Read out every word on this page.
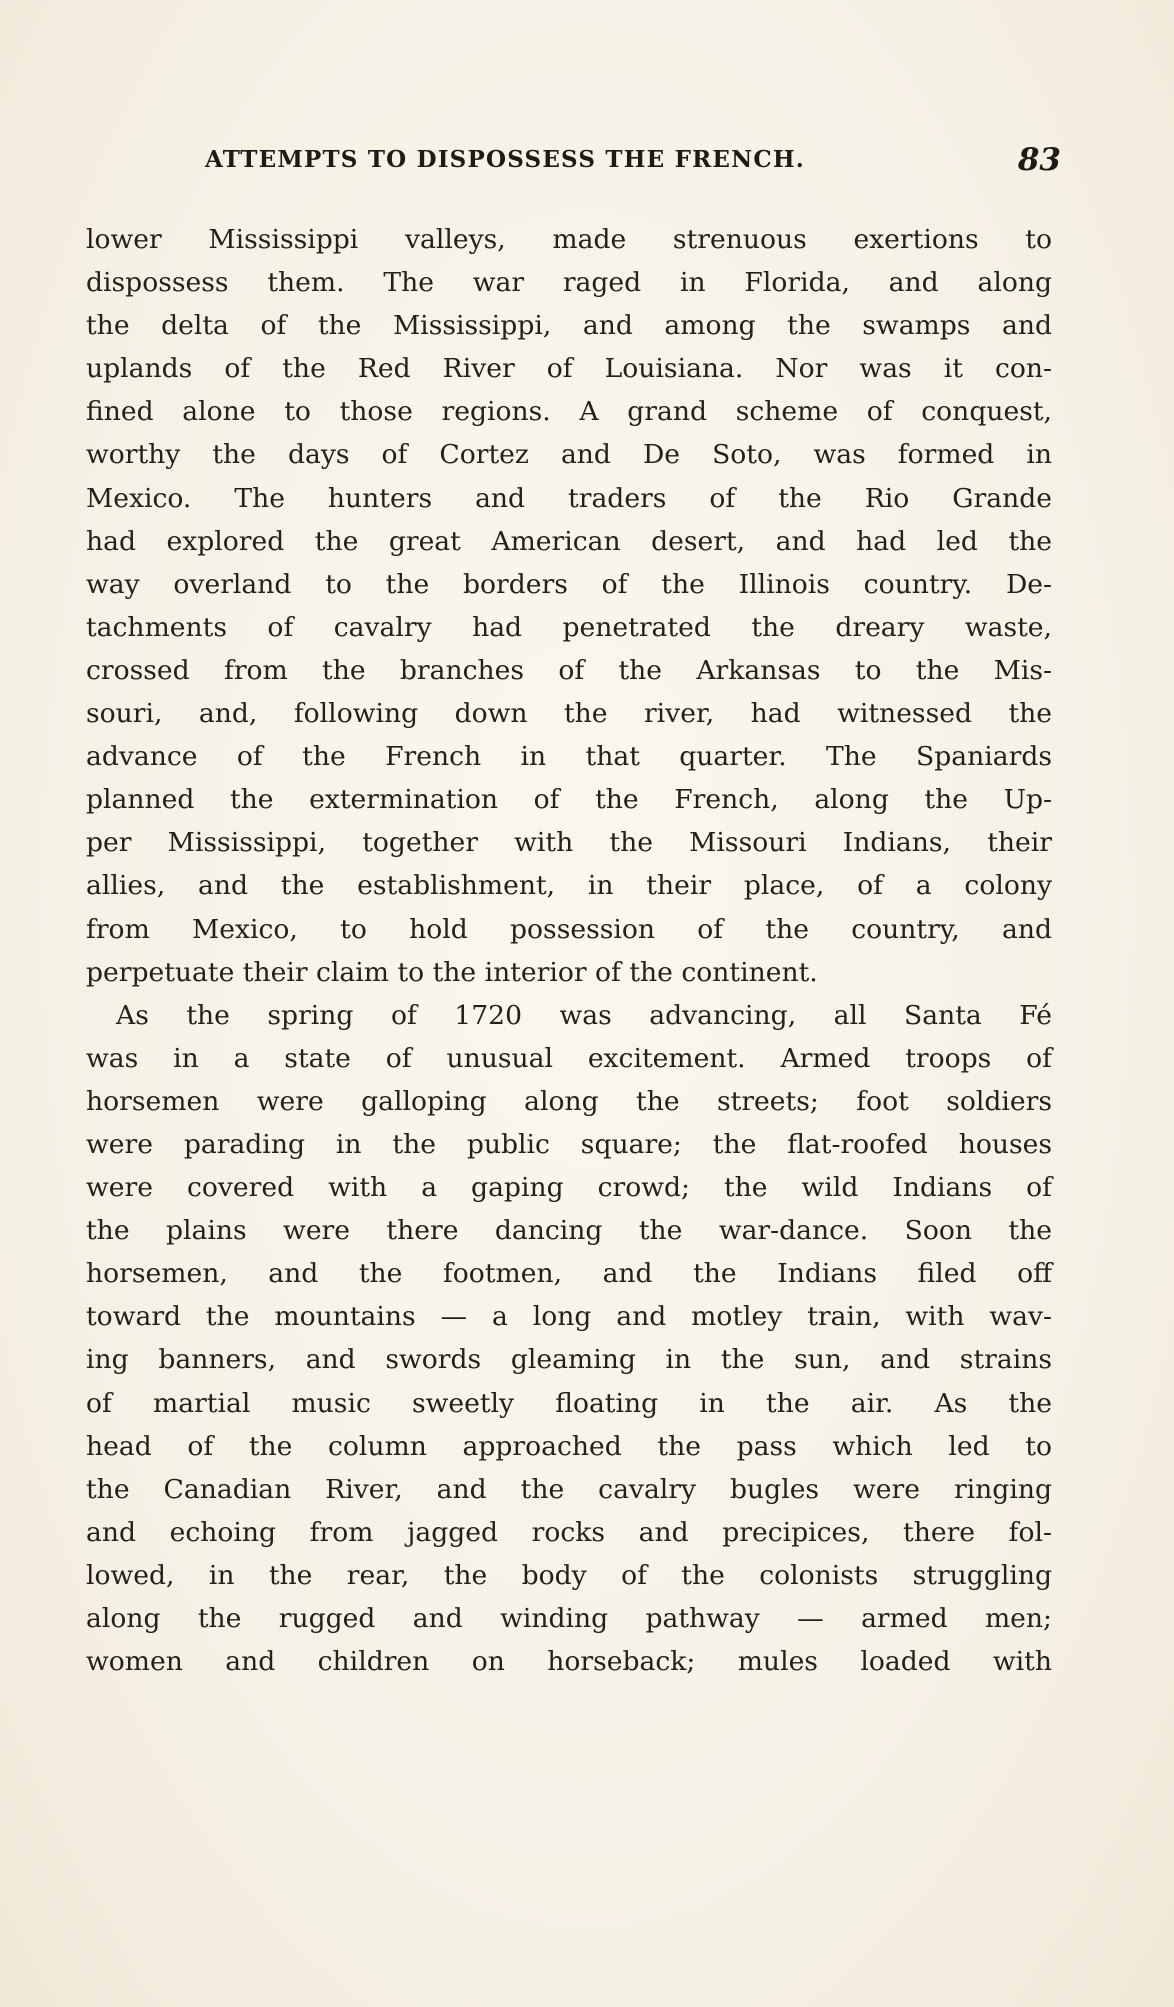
ATTEMPTS TO DISPOSSESS THE FRENCH.	83
lower Mississippi valleys, made strenuous exertions to
dispossess them. The war raged in Florida, and along
the delta of the Mississippi, and among the swamps and
uplands of the Red River of Louisiana. Nor was it con-
fined alone to those regions. A grand scheme of conquest,
worthy the days of Cortez and De Soto, was formed in
Mexico. The hunters and traders of the Rio Grande
had explored the great American desert, and had led the
way overland to the borders of the Illinois country. De-
tachments of cavalry had penetrated the dreary waste,
crossed from the branches of the Arkansas to the Mis-
souri, and, following down the river, had witnessed the
advance of the French in that quarter. The Spaniards
planned the extermination of the French, along the Up-
per Mississippi, together with the Missouri Indians, their
allies, and the establishment, in their place, of a colony
from Mexico, to hold possession of the country, and
perpetuate their claim to the interior of the continent.
As the spring of 1720 was advancing, all Santa Fé
was in a state of unusual excitement. Armed troops of
horsemen were galloping along the streets; foot soldiers
were parading in the public square; the flat-roofed houses
were covered with a gaping crowd; the wild Indians of
the plains were there dancing the war-dance. Soon the
horsemen, and the footmen, and the Indians filed off
toward the mountains — a long and motley train, with wav-
ing banners, and swords gleaming in the sun, and strains
of martial music sweetly floating in the air. As the
head of the column approached the pass which led to
the Canadian River, and the cavalry bugles were ringing
and echoing from jagged rocks and precipices, there fol-
lowed, in the rear, the body of the colonists struggling
along the rugged and winding pathway — armed men;
women and children on horseback; mules loaded with
